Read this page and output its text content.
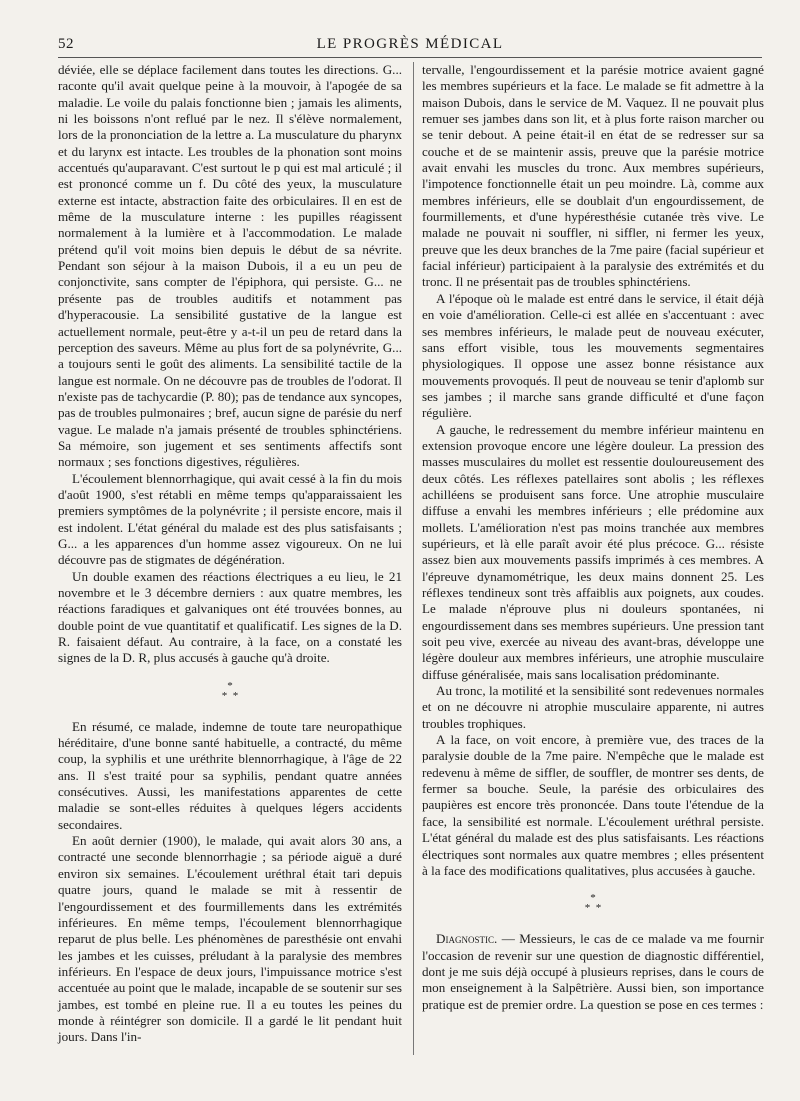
52	LE PROGRÈS MÉDICAL

déviée, elle se déplace facilement dans toutes les directions. G... raconte qu'il avait quelque peine à la mouvoir, à l'apogée de sa maladie. Le voile du palais fonctionne bien ; jamais les aliments, ni les boissons n'ont reflué par le nez. Il s'élève normalement, lors de la prononciation de la lettre a. La musculature du pharynx et du larynx est intacte. Les troubles de la phonation sont moins accentués qu'auparavant. C'est surtout le p qui est mal articulé ; il est prononcé comme un f. Du côté des yeux, la musculature externe est intacte, abstraction faite des orbiculaires. Il en est de même de la musculature interne : les pupilles réagissent normalement à la lumière et à l'accommodation. Le malade prétend qu'il voit moins bien depuis le début de sa névrite. Pendant son séjour à la maison Dubois, il a eu un peu de conjonctivite, sans compter de l'épiphora, qui persiste. G... ne présente pas de troubles auditifs et notamment pas d'hyperacousie. La sensibilité gustative de la langue est actuellement normale, peut-être y a-t-il un peu de retard dans la perception des saveurs. Même au plus fort de sa polynévrite, G... a toujours senti le goût des aliments. La sensibilité tactile de la langue est normale. On ne découvre pas de troubles de l'odorat. Il n'existe pas de tachycardie (P. 80); pas de tendance aux syncopes, pas de troubles pulmonaires ; bref, aucun signe de parésie du nerf vague. Le malade n'a jamais présenté de troubles sphinctériens. Sa mémoire, son jugement et ses sentiments affectifs sont normaux ; ses fonctions digestives, régulières.

L'écoulement blennorrhagique, qui avait cessé à la fin du mois d'août 1900, s'est rétabli en même temps qu'apparaissaient les premiers symptômes de la polynévrite ; il persiste encore, mais il est indolent. L'état général du malade est des plus satisfaisants ; G... a les apparences d'un homme assez vigoureux. On ne lui découvre pas de stigmates de dégénération.

Un double examen des réactions électriques a eu lieu, le 21 novembre et le 3 décembre derniers : aux quatre membres, les réactions faradiques et galvaniques ont été trouvées bonnes, au double point de vue quantitatif et qualificatif. Les signes de la D. R. faisaient défaut. Au contraire, à la face, on a constaté les signes de la D. R, plus accusés à gauche qu'à droite.

*
*  *

En résumé, ce malade, indemne de toute tare neuropathique héréditaire, d'une bonne santé habituelle, a contracté, du même coup, la syphilis et une uréthrite blennorrhagique, à l'âge de 22 ans. Il s'est traité pour sa syphilis, pendant quatre années consécutives. Aussi, les manifestations apparentes de cette maladie se sont-elles réduites à quelques légers accidents secondaires.

En août dernier (1900), le malade, qui avait alors 30 ans, a contracté une seconde blennorrhagie ; sa période aiguë a duré environ six semaines. L'écoulement uréthral était tari depuis quatre jours, quand le malade se mit à ressentir de l'engourdissement et des fourmillements dans les extrémités inférieures. En même temps, l'écoulement blennorrhagique reparut de plus belle. Les phénomènes de paresthésie ont envahi les jambes et les cuisses, préludant à la paralysie des membres inférieurs. En l'espace de deux jours, l'impuissance motrice s'est accentuée au point que le malade, incapable de se soutenir sur ses jambes, est tombé en pleine rue. Il a eu toutes les peines du monde à réintégrer son domicile. Il a gardé le lit pendant huit jours. Dans l'in-

tervalle, l'engourdissement et la parésie motrice avaient gagné les membres supérieurs et la face. Le malade se fit admettre à la maison Dubois, dans le service de M. Vaquez. Il ne pouvait plus remuer ses jambes dans son lit, et à plus forte raison marcher ou se tenir debout. A peine était-il en état de se redresser sur sa couche et de se maintenir assis, preuve que la parésie motrice avait envahi les muscles du tronc. Aux membres supérieurs, l'impotence fonctionnelle était un peu moindre. Là, comme aux membres inférieurs, elle se doublait d'un engourdissement, de fourmillements, et d'une hypéresthésie cutanée très vive. Le malade ne pouvait ni souffler, ni siffler, ni fermer les yeux, preuve que les deux branches de la 7me paire (facial supérieur et facial inférieur) participaient à la paralysie des extrémités et du tronc. Il ne présentait pas de troubles sphinctériens.

A l'époque où le malade est entré dans le service, il était déjà en voie d'amélioration. Celle-ci est allée en s'accentuant : avec ses membres inférieurs, le malade peut de nouveau exécuter, sans effort visible, tous les mouvements segmentaires physiologiques. Il oppose une assez bonne résistance aux mouvements provoqués. Il peut de nouveau se tenir d'aplomb sur ses jambes ; il marche sans grande difficulté et d'une façon régulière.

A gauche, le redressement du membre inférieur maintenu en extension provoque encore une légère douleur. La pression des masses musculaires du mollet est ressentie douloureusement des deux côtés. Les réflexes patellaires sont abolis ; les réflexes achilléens se produisent sans force. Une atrophie musculaire diffuse a envahi les membres inférieurs ; elle prédomine aux mollets. L'amélioration n'est pas moins tranchée aux membres supérieurs, et là elle paraît avoir été plus précoce. G... résiste assez bien aux mouvements passifs imprimés à ces membres. A l'épreuve dynamométrique, les deux mains donnent 25. Les réflexes tendineux sont très affaiblis aux poignets, aux coudes. Le malade n'éprouve plus ni douleurs spontanées, ni engourdissement dans ses membres supérieurs. Une pression tant soit peu vive, exercée au niveau des avant-bras, développe une légère douleur aux membres inférieurs, une atrophie musculaire diffuse généralisée, mais sans localisation prédominante.

Au tronc, la motilité et la sensibilité sont redevenues normales et on ne découvre ni atrophie musculaire apparente, ni autres troubles trophiques.

A la face, on voit encore, à première vue, des traces de la paralysie double de la 7me paire. N'empêche que le malade est redevenu à même de siffler, de souffler, de montrer ses dents, de fermer sa bouche. Seule, la parésie des orbiculaires des paupières est encore très prononcée. Dans toute l'étendue de la face, la sensibilité est normale. L'écoulement uréthral persiste. L'état général du malade est des plus satisfaisants. Les réactions électriques sont normales aux quatre membres ; elles présentent à la face des modifications qualitatives, plus accusées à gauche.

*
*  *

Diagnostic. — Messieurs, le cas de ce malade va me fournir l'occasion de revenir sur une question de diagnostic différentiel, dont je me suis déjà occupé à plusieurs reprises, dans le cours de mon enseignement à la Salpêtrière. Aussi bien, son importance pratique est de premier ordre. La question se pose en ces termes :
